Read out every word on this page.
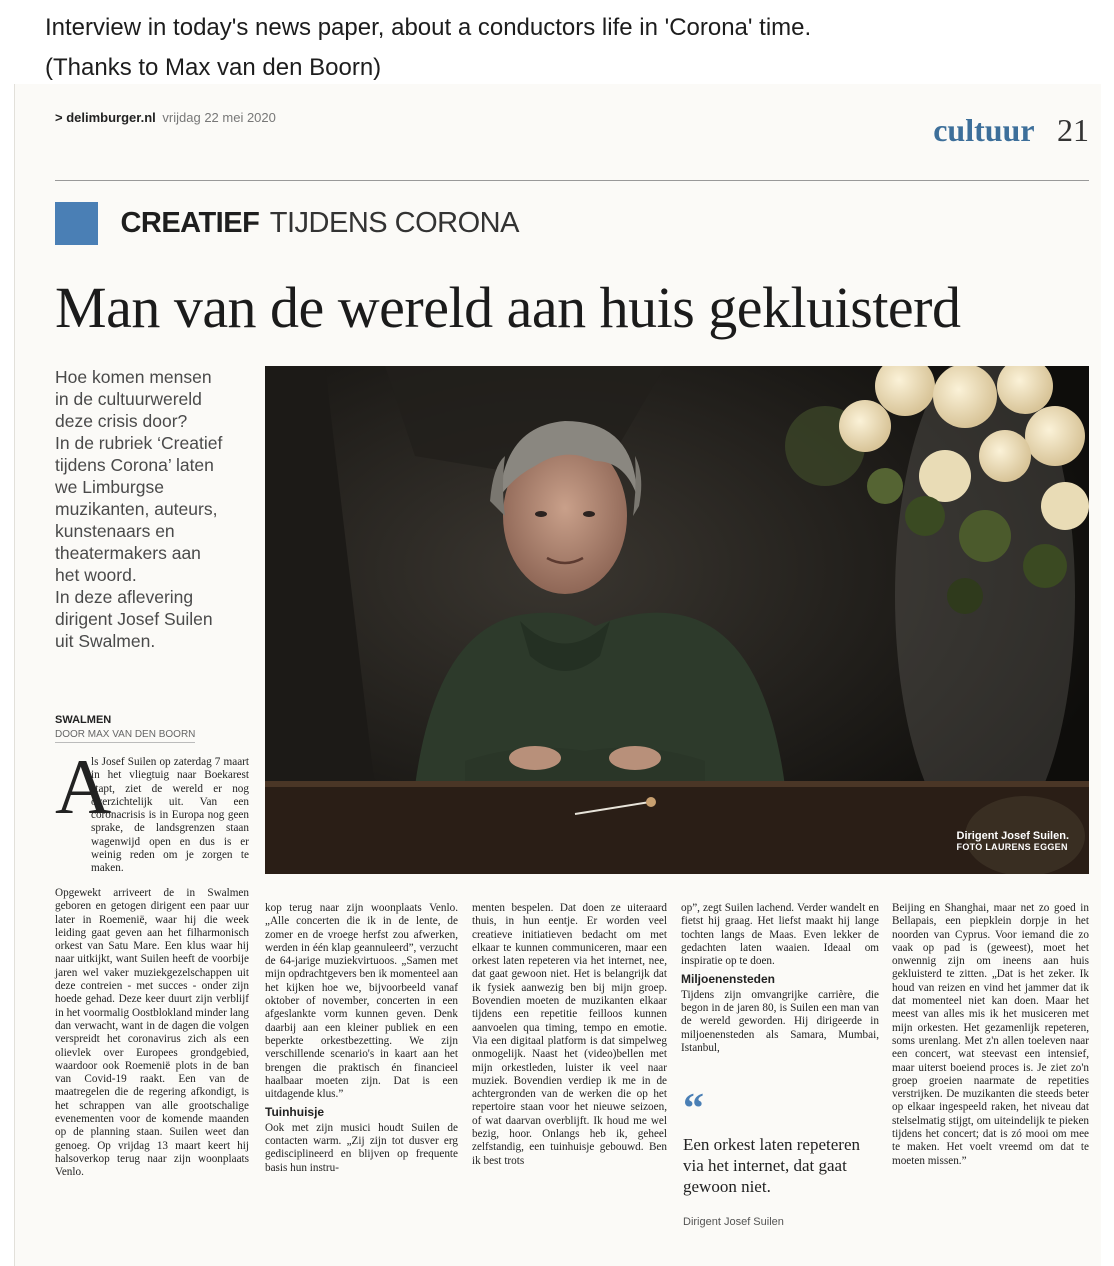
Interview in today's news paper, about a conductors life in 'Corona' time.
(Thanks to Max van den Boorn)
> delimburger.nl vrijdag 22 mei 2020	cultuur 21
CREATIEF TIJDENS CORONA
Man van de wereld aan huis gekluisterd
Hoe komen mensen
in de cultuurwereld
deze crisis door?
In de rubriek ‘Creatief
tijdens Corona’ laten
we Limburgse
muzikanten, auteurs,
kunstenaars en
theatermakers aan
het woord.
In deze aflevering
dirigent Josef Suilen
uit Swalmen.
Dirigent Josef Suilen.
FOTO LAURENS EGGEN
SWALMEN
DOOR MAX VAN DEN BOORN
A

ls Josef Suilen op zaterdag 7 maart in het vliegtuig naar Boekarest stapt, ziet de wereld er nog overzichtelijk uit. Van een coronacrisis is in Europa nog geen sprake, de landsgrenzen staan wagenwijd open en dus is er weinig reden om je zorgen te maken.

Opgewekt arriveert de in Swalmen geboren en getogen dirigent een paar uur later in Roemenië, waar hij die week leiding gaat geven aan het filharmonisch orkest van Satu Mare. Een klus waar hij naar uitkijkt, want Suilen heeft de voorbije jaren wel vaker muziekgezelschappen uit deze contreien - met succes - onder zijn hoede gehad. Deze keer duurt zijn verblijf in het voormalig Oostblokland minder lang dan verwacht, want in de dagen die volgen verspreidt het coronavirus zich als een olievlek over Europees grondgebied, waardoor ook Roemenië plots in de ban van Covid-19 raakt. Een van de maatregelen die de regering afkondigt, is het schrappen van alle grootschalige evenementen voor de komende maanden op de planning staan. Suilen weet dan genoeg. Op vrijdag 13 maart keert hij halsoverkop terug naar zijn woonplaats Venlo.

kop terug naar zijn woonplaats Venlo. „Alle concerten die ik in de lente, de zomer en de vroege herfst zou afwerken, werden in één klap geannuleerd”, verzucht de 64-jarige muziekvirtuoos. „Samen met mijn opdrachtgevers ben ik momenteel aan het kijken hoe we, bijvoorbeeld vanaf oktober of november, concerten in een afgeslankte vorm kunnen geven. Denk daarbij aan een kleiner publiek en een beperkte orkestbezetting. We zijn verschillende scenario's in kaart aan het brengen die praktisch én financieel haalbaar moeten zijn. Dat is een uitdagende klus.”

Tuinhuisje

Ook met zijn musici houdt Suilen de contacten warm. „Zij zijn tot dusver erg gedisciplineerd en blijven op frequente basis hun instru-

menten bespelen. Dat doen ze uiteraard thuis, in hun eentje. Er worden veel creatieve initiatieven bedacht om met elkaar te kunnen communiceren, maar een orkest laten repeteren via het internet, nee, dat gaat gewoon niet. Het is belangrijk dat ik fysiek aanwezig ben bij mijn groep. Bovendien moeten de muzikanten elkaar tijdens een repetitie feilloos kunnen aanvoelen qua timing, tempo en emotie. Via een digitaal platform is dat simpelweg onmogelijk. Naast het (video)bellen met mijn orkestleden, luister ik veel naar muziek. Bovendien verdiep ik me in de achtergronden van de werken die op het repertoire staan voor het nieuwe seizoen, of wat daarvan overblijft. Ik houd me wel bezig, hoor. Onlangs heb ik, geheel zelfstandig, een tuinhuisje gebouwd. Ben ik best trots

op”, zegt Suilen lachend. Verder wandelt en fietst hij graag. Het liefst maakt hij lange tochten langs de Maas. Even lekker de gedachten laten waaien. Ideaal om inspiratie op te doen.

Miljoenensteden

Tijdens zijn omvangrijke carrière, die begon in de jaren 80, is Suilen een man van de wereld geworden. Hij dirigeerde in miljoenensteden als Samara, Mumbai, Istanbul,

“
Een orkest laten repeteren via het internet, dat gaat gewoon niet.
Dirigent Josef Suilen

Beijing en Shanghai, maar net zo goed in Bellapais, een piepklein dorpje in het noorden van Cyprus. Voor iemand die zo vaak op pad is (geweest), moet het onwennig zijn om ineens aan huis gekluisterd te zitten. „Dat is het zeker. Ik houd van reizen en vind het jammer dat ik dat momenteel niet kan doen. Maar het meest van alles mis ik het musiceren met mijn orkesten. Het gezamenlijk repeteren, soms urenlang. Met z'n allen toeleven naar een concert, wat steevast een intensief, maar uiterst boeiend proces is. Je ziet zo'n groep groeien naarmate de repetities verstrijken. De muzikanten die steeds beter op elkaar ingespeeld raken, het niveau dat stelselmatig stijgt, om uiteindelijk te pieken tijdens het concert; dat is zó mooi om mee te maken. Het voelt vreemd om dat te moeten missen.”
